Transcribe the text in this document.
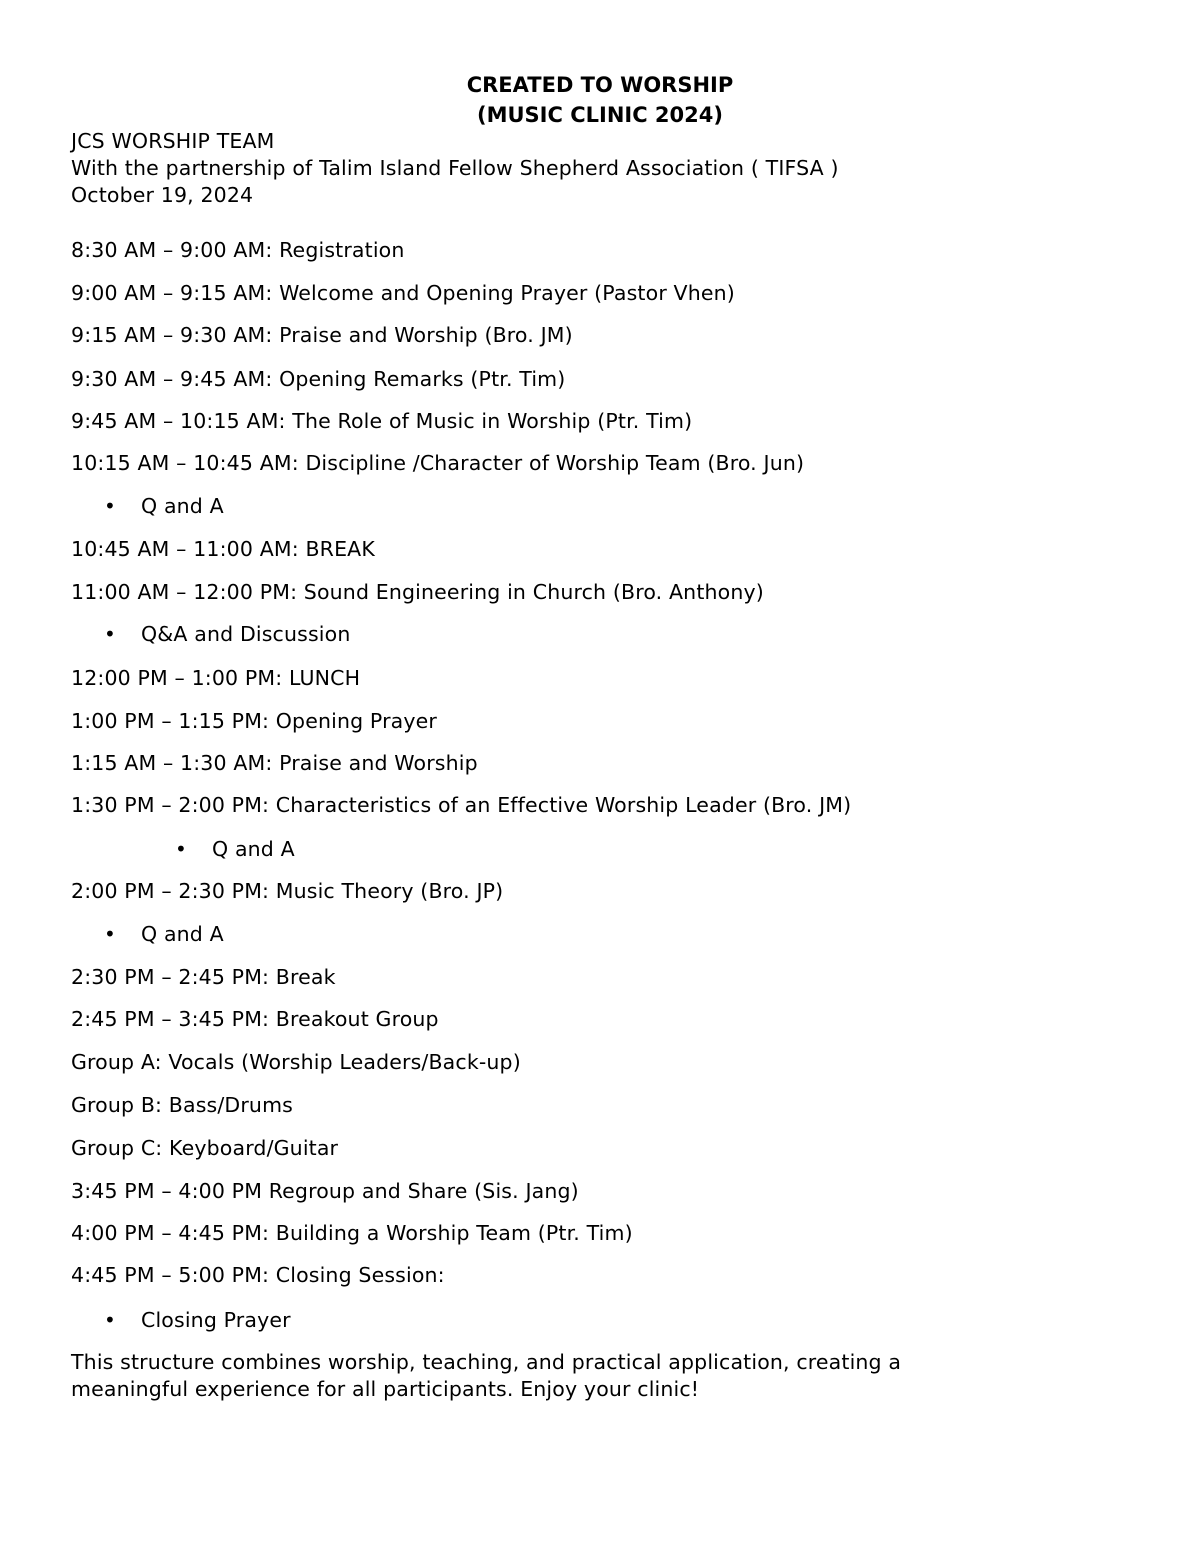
CREATED TO WORSHIP
(MUSIC CLINIC 2024)
JCS WORSHIP TEAM
With the partnership of Talim Island Fellow Shepherd Association ( TIFSA )
October 19, 2024
8:30 AM – 9:00 AM: Registration
9:00 AM – 9:15 AM: Welcome and Opening Prayer (Pastor Vhen)
9:15 AM – 9:30 AM: Praise and Worship (Bro. JM)
9:30 AM – 9:45 AM: Opening Remarks (Ptr. Tim)
9:45 AM – 10:15 AM: The Role of Music in Worship (Ptr. Tim)
10:15 AM – 10:45 AM: Discipline /Character of Worship Team (Bro. Jun)
• Q and A
10:45 AM – 11:00 AM: BREAK
11:00 AM – 12:00 PM: Sound Engineering in Church (Bro. Anthony)
• Q&A and Discussion
12:00 PM – 1:00 PM: LUNCH
1:00 PM – 1:15 PM: Opening Prayer
1:15 AM – 1:30 AM: Praise and Worship
1:30 PM – 2:00 PM: Characteristics of an Effective Worship Leader (Bro. JM)
• Q and A
2:00 PM – 2:30 PM: Music Theory (Bro. JP)
• Q and A
2:30 PM – 2:45 PM: Break
2:45 PM – 3:45 PM: Breakout Group
Group A: Vocals (Worship Leaders/Back-up)
Group B: Bass/Drums
Group C: Keyboard/Guitar
3:45 PM – 4:00 PM Regroup and Share (Sis. Jang)
4:00 PM – 4:45 PM: Building a Worship Team (Ptr. Tim)
4:45 PM – 5:00 PM: Closing Session:
• Closing Prayer
This structure combines worship, teaching, and practical application, creating a
meaningful experience for all participants. Enjoy your clinic!
